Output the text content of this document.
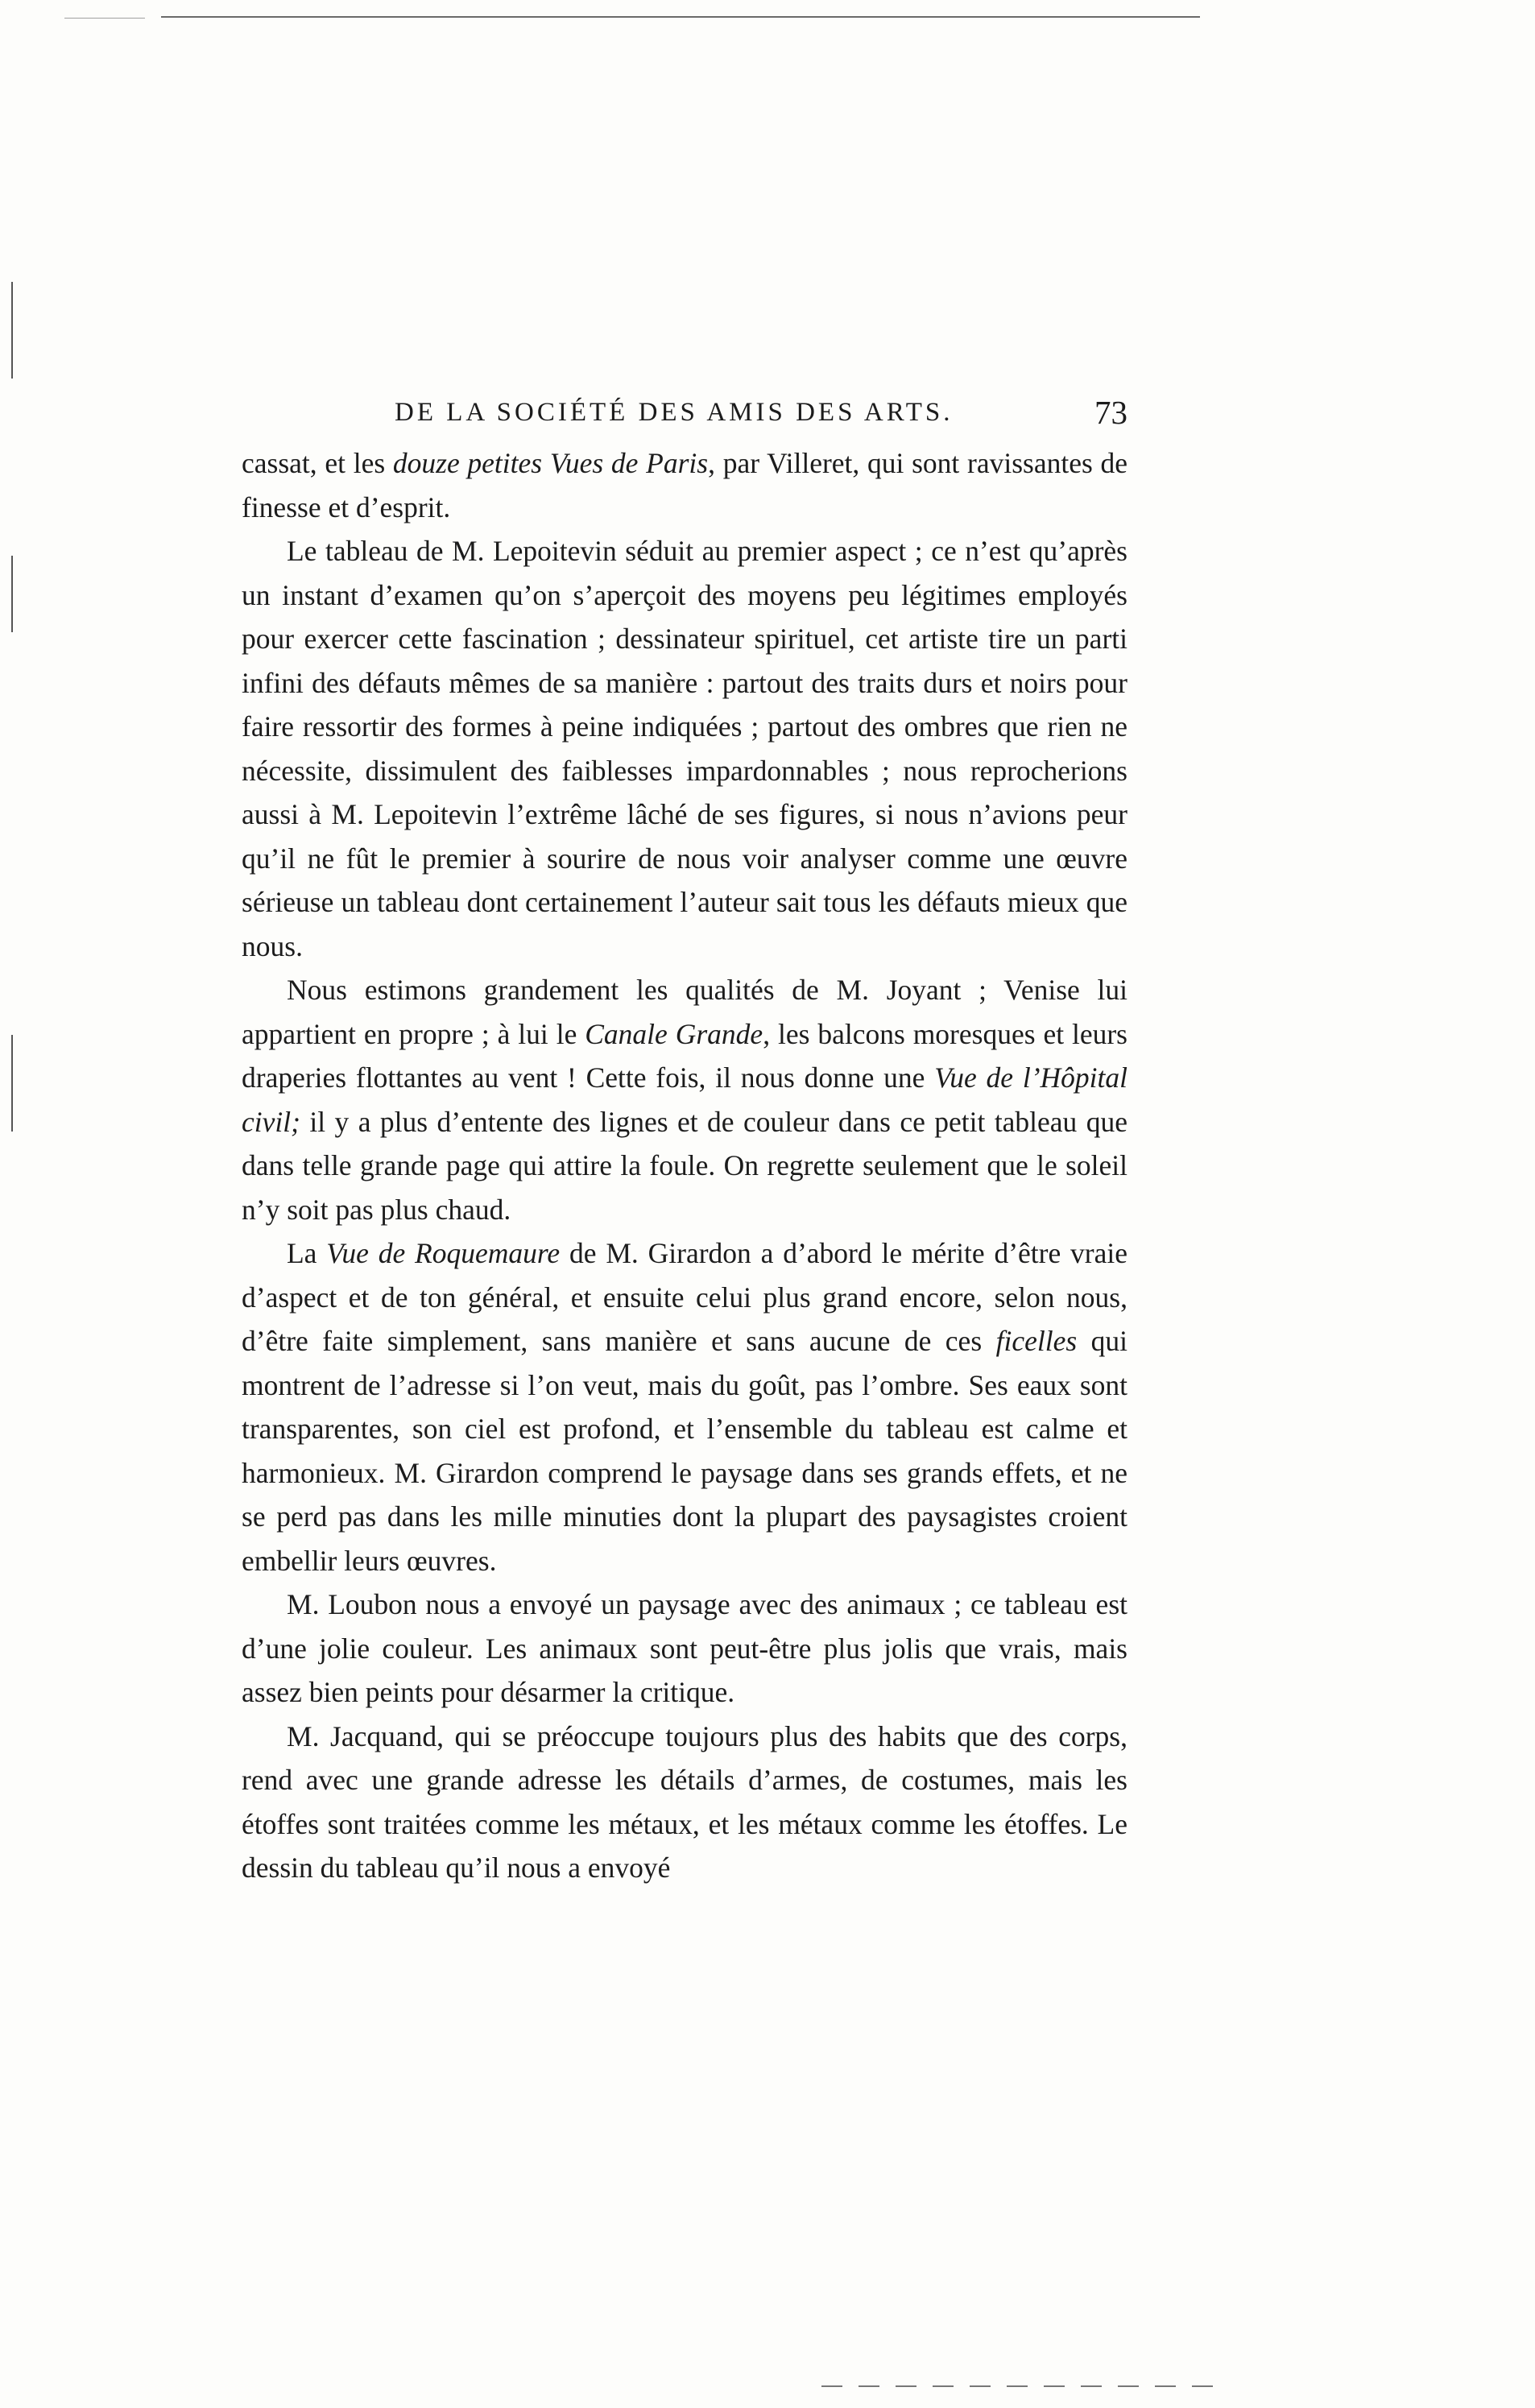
DE LA SOCIÉTÉ DES AMIS DES ARTS.	73

cassat, et les douze petites Vues de Paris, par Villeret, qui sont ravissantes de finesse et d’esprit.

Le tableau de M. Lepoitevin séduit au premier aspect ; ce n’est qu’après un instant d’examen qu’on s’aperçoit des moyens peu légitimes employés pour exercer cette fascination ; dessinateur spirituel, cet artiste tire un parti infini des défauts mêmes de sa manière : partout des traits durs et noirs pour faire ressortir des formes à peine indiquées ; partout des ombres que rien ne nécessite, dissimulent des faiblesses impardonnables ; nous reprocherions aussi à M. Lepoitevin l’extrême lâché de ses figures, si nous n’avions peur qu’il ne fût le premier à sourire de nous voir analyser comme une œuvre sérieuse un tableau dont certainement l’auteur sait tous les défauts mieux que nous.

Nous estimons grandement les qualités de M. Joyant ; Venise lui appartient en propre ; à lui le Canale Grande, les balcons moresques et leurs draperies flottantes au vent ! Cette fois, il nous donne une Vue de l’Hôpital civil; il y a plus d’entente des lignes et de couleur dans ce petit tableau que dans telle grande page qui attire la foule. On regrette seulement que le soleil n’y soit pas plus chaud.

La Vue de Roquemaure de M. Girardon a d’abord le mérite d’être vraie d’aspect et de ton général, et ensuite celui plus grand encore, selon nous, d’être faite simplement, sans manière et sans aucune de ces ficelles qui montrent de l’adresse si l’on veut, mais du goût, pas l’ombre. Ses eaux sont transparentes, son ciel est profond, et l’ensemble du tableau est calme et harmonieux. M. Girardon comprend le paysage dans ses grands effets, et ne se perd pas dans les mille minuties dont la plupart des paysagistes croient embellir leurs œuvres.

M. Loubon nous a envoyé un paysage avec des animaux ; ce tableau est d’une jolie couleur. Les animaux sont peut-être plus jolis que vrais, mais assez bien peints pour désarmer la critique.

M. Jacquand, qui se préoccupe toujours plus des habits que des corps, rend avec une grande adresse les détails d’armes, de costumes, mais les étoffes sont traitées comme les métaux, et les métaux comme les étoffes. Le dessin du tableau qu’il nous a envoyé
